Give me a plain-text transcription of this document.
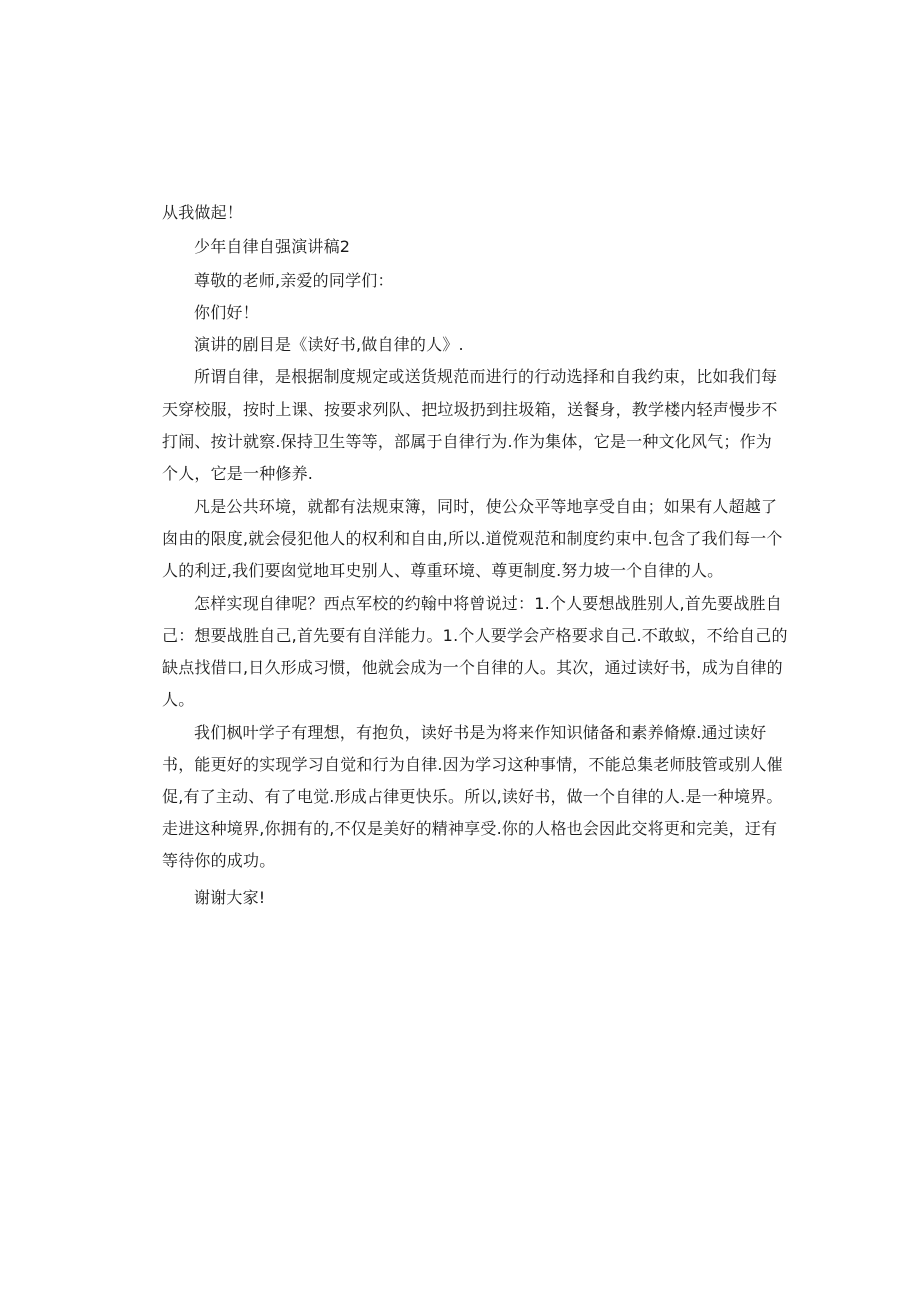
从我做起！
少年自律自强演讲稿2
尊敬的老师,亲爱的同学们：
你们好！
演讲的剧目是《读好书,做自律的人》.
所谓自律，是根据制度规定或送货规范而进行的行动选择和自我约束，比如我们每
天穿校服，按时上课、按要求列队、把垃圾扔到拄圾箱，送餐身，教学楼内轻声慢步不
打闹、按计就察.保持卫生等等，部属于自律行为.作为集体，它是一种文化风气；作为
个人，它是一种修养.
凡是公共环境，就都有法规束簿，同时，使公众平等地享受自由；如果有人超越了
囱由的限度,就会侵犯他人的权利和自由,所以.道傥观范和制度约束中.包含了我们每一个
人的利迂,我们要囱觉地耳史别人、尊重环境、尊更制度.努力坡一个自律的人。
怎样实现自律呢？西点军校的约翰中将曾说过：1.个人要想战胜别人,首先要战胜自
己：想要战胜自己,首先要有自洋能力。1.个人要学会产格要求自己.不敢蚁，不给自己的
缺点找借口,日久形成习惯，他就会成为一个自律的人。其次，通过读好书，成为自律的
人。
我们枫叶学子有理想，有抱负，读好书是为将来作知识储备和素养脩燎.通过读好
书，能更好的实现学习自觉和行为自律.因为学习这种事情，不能总集老师肢管或别人催
促,有了主动、有了电觉.形成占律更快乐。所以,读好书，做一个自律的人.是一种境界。
走进这种境界,你拥有的,不仅是美好的精神享受.你的人格也会因此交将更和完美，迂有
等待你的成功。
谢谢大家!
